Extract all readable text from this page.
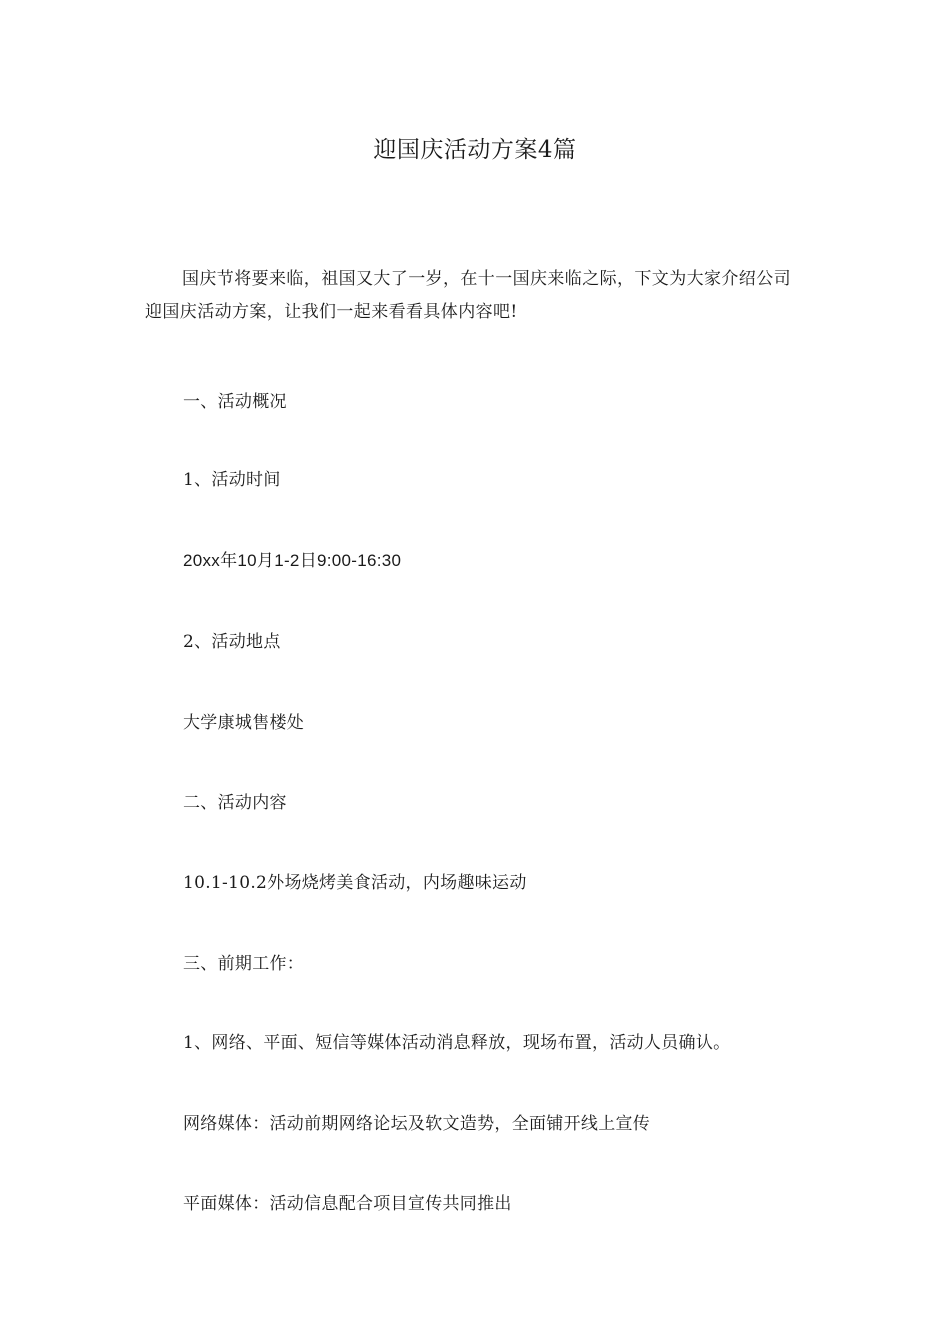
迎国庆活动方案4篇
国庆节将要来临，祖国又大了一岁，在十一国庆来临之际，下文为大家介绍公司迎国庆活动方案，让我们一起来看看具体内容吧!
一、活动概况
1、活动时间
20xx年10月1-2日9:00-16:30
2、活动地点
大学康城售楼处
二、活动内容
10.1-10.2外场烧烤美食活动，内场趣味运动
三、前期工作：
1、网络、平面、短信等媒体活动消息释放，现场布置，活动人员确认。
网络媒体：活动前期网络论坛及软文造势，全面铺开线上宣传
平面媒体：活动信息配合项目宣传共同推出
